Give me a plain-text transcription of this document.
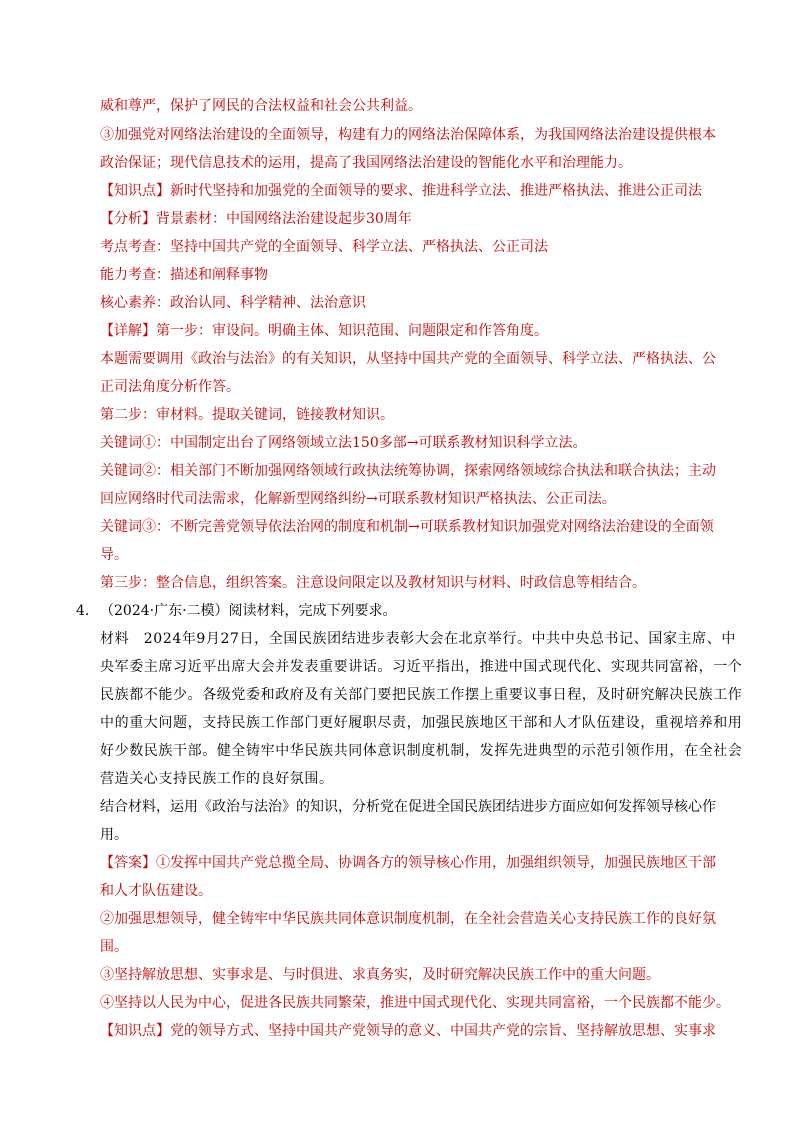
威和尊严，保护了网民的合法权益和社会公共利益。

③加强党对网络法治建设的全面领导，构建有力的网络法治保障体系，为我国网络法治建设提供根本

政治保证；现代信息技术的运用，提高了我国网络法治建设的智能化水平和治理能力。

【知识点】新时代坚持和加强党的全面领导的要求、推进科学立法、推进严格执法、推进公正司法

【分析】背景素材：中国网络法治建设起步30周年

考点考查：坚持中国共产党的全面领导、科学立法、严格执法、公正司法

能力考查：描述和阐释事物

核心素养：政治认同、科学精神、法治意识

【详解】第一步：审设问。明确主体、知识范围、问题限定和作答角度。

本题需要调用《政治与法治》的有关知识，从坚持中国共产党的全面领导、科学立法、严格执法、公

正司法角度分析作答。

第二步：审材料。提取关键词，链接教材知识。

关键词①：中国制定出台了网络领域立法150多部→可联系教材知识科学立法。

关键词②：相关部门不断加强网络领域行政执法统筹协调，探索网络领域综合执法和联合执法；主动

回应网络时代司法需求，化解新型网络纠纷→可联系教材知识严格执法、公正司法。

关键词③：不断完善党领导依法治网的制度和机制→可联系教材知识加强党对网络法治建设的全面领

导。

第三步：整合信息，组织答案。注意设问限定以及教材知识与材料、时政信息等相结合。

4． （2024·广东·二模）阅读材料，完成下列要求。

材料　2024年9月27日，全国民族团结进步表彰大会在北京举行。中共中央总书记、国家主席、中

央军委主席习近平出席大会并发表重要讲话。习近平指出，推进中国式现代化、实现共同富裕，一个

民族都不能少。各级党委和政府及有关部门要把民族工作摆上重要议事日程，及时研究解决民族工作

中的重大问题，支持民族工作部门更好履职尽责，加强民族地区干部和人才队伍建设，重视培养和用

好少数民族干部。健全铸牢中华民族共同体意识制度机制，发挥先进典型的示范引领作用，在全社会

营造关心支持民族工作的良好氛围。

结合材料，运用《政治与法治》的知识，分析党在促进全国民族团结进步方面应如何发挥领导核心作

用。

【答案】①发挥中国共产党总揽全局、协调各方的领导核心作用，加强组织领导，加强民族地区干部

和人才队伍建设。

②加强思想领导，健全铸牢中华民族共同体意识制度机制，在全社会营造关心支持民族工作的良好氛

围。

③坚持解放思想、实事求是、与时俱进、求真务实，及时研究解决民族工作中的重大问题。

④坚持以人民为中心，促进各民族共同繁荣，推进中国式现代化、实现共同富裕，一个民族都不能少。

【知识点】党的领导方式、坚持中国共产党领导的意义、中国共产党的宗旨、坚持解放思想、实事求
